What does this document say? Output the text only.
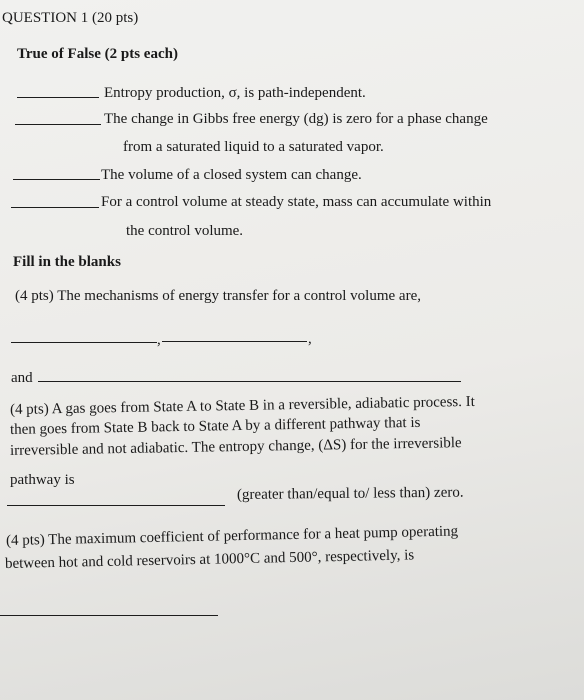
QUESTION 1 (20 pts)
True of False (2 pts each)
Entropy production, σ, is path-independent.
The change in Gibbs free energy (dg) is zero for a phase change
from a saturated liquid to a saturated vapor.
The volume of a closed system can change.
For a control volume at steady state, mass can accumulate within
the control volume.
Fill in the blanks
(4 pts) The mechanisms of energy transfer for a control volume are,
,	,
and
(4 pts) A gas goes from State A to State B in a reversible, adiabatic process. It
then goes from State B back to State A by a different pathway that is
irreversible and not adiabatic. The entropy change, (ΔS) for the irreversible
pathway is
(greater than/equal to/ less than) zero.
(4 pts) The maximum coefficient of performance for a heat pump operating
between hot and cold reservoirs at 1000°C and 500°, respectively, is
